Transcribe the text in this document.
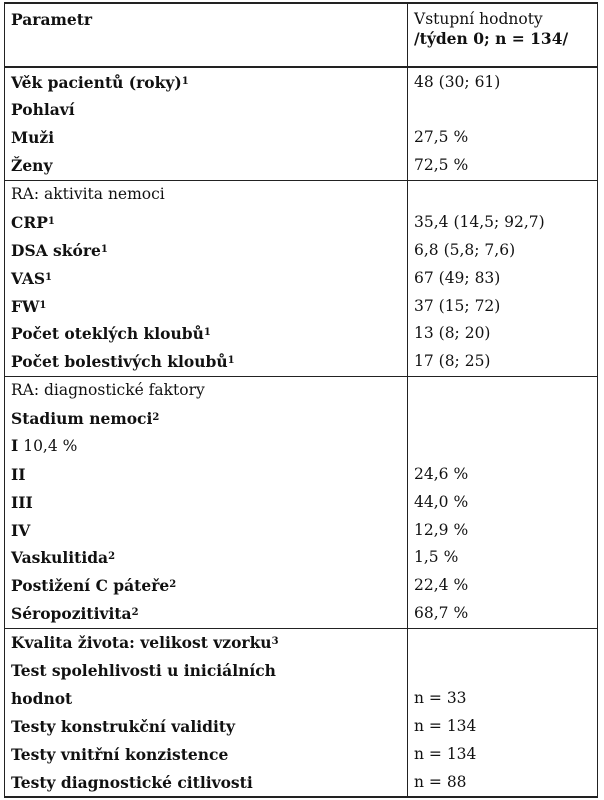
Parametr	Vstupní hodnoty
/týden 0; n = 134/

Věk pacientů (roky)$^1$	48 (30; 61)
Pohlaví	
Muži	27,5 %
Ženy	72,5 %
RA: aktivita nemoci	
CRP$^1$	35,4 (14,5; 92,7)
DSA skóre$^1$	6,8 (5,8; 7,6)
VAS$^1$	67 (49; 83)
$FW^1$	37 (15; 72)
Počet oteklých kloubů$^1$	13 (8; 20)
Počet bolestivých kloubů$^1$	17 (8; 25)
RA: diagnostické faktory	
Stadium nemoci$^2$	
I 10,4 %	
II	24,6 %
III	44,0 %
IV	12,9 %
Vaskulitida$^2$	1,5 %
Postižení C páteře$^2$	22,4 %
Séropozitivita$^2$	68,7 %
Kvalita života: velikost vzorku$^3$	
Test spolehlivosti u iniciálních	
hodnot	n = 33
Testy konstrukční validity	n = 134
Testy vnitřní konzistence	n = 134
Testy diagnostické citlivosti	n = 88
